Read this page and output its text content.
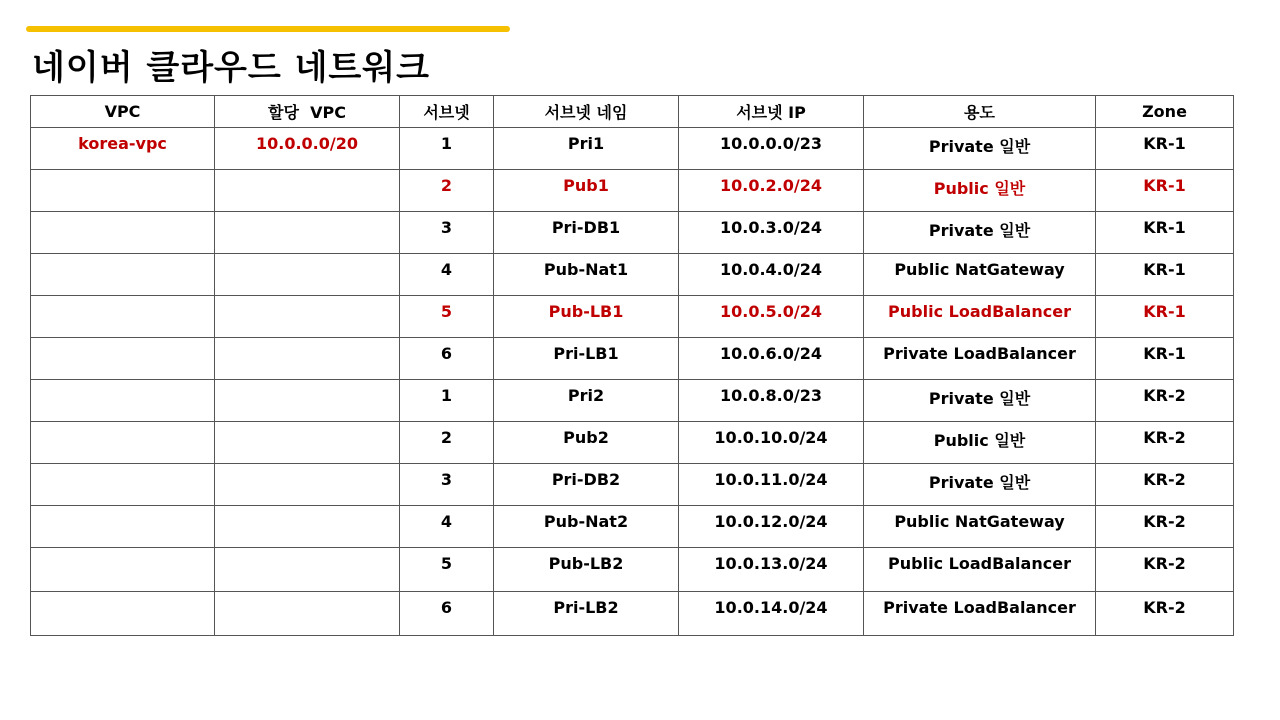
네이버 클라우드 네트워크
VPC	할당  VPC	서브넷	서브넷 네임	서브넷 IP	용도	Zone
korea-vpc	10.0.0.0/20	1	Pri1	10.0.0.0/23	Private 일반	KR-1
		2	Pub1	10.0.2.0/24	Public 일반	KR-1
		3	Pri-DB1	10.0.3.0/24	Private 일반	KR-1
		4	Pub-Nat1	10.0.4.0/24	Public NatGateway	KR-1
		5	Pub-LB1	10.0.5.0/24	Public LoadBalancer	KR-1
		6	Pri-LB1	10.0.6.0/24	Private LoadBalancer	KR-1
		1	Pri2	10.0.8.0/23	Private 일반	KR-2
		2	Pub2	10.0.10.0/24	Public 일반	KR-2
		3	Pri-DB2	10.0.11.0/24	Private 일반	KR-2
		4	Pub-Nat2	10.0.12.0/24	Public NatGateway	KR-2
		5	Pub-LB2	10.0.13.0/24	Public LoadBalancer	KR-2
		6	Pri-LB2	10.0.14.0/24	Private LoadBalancer	KR-2
